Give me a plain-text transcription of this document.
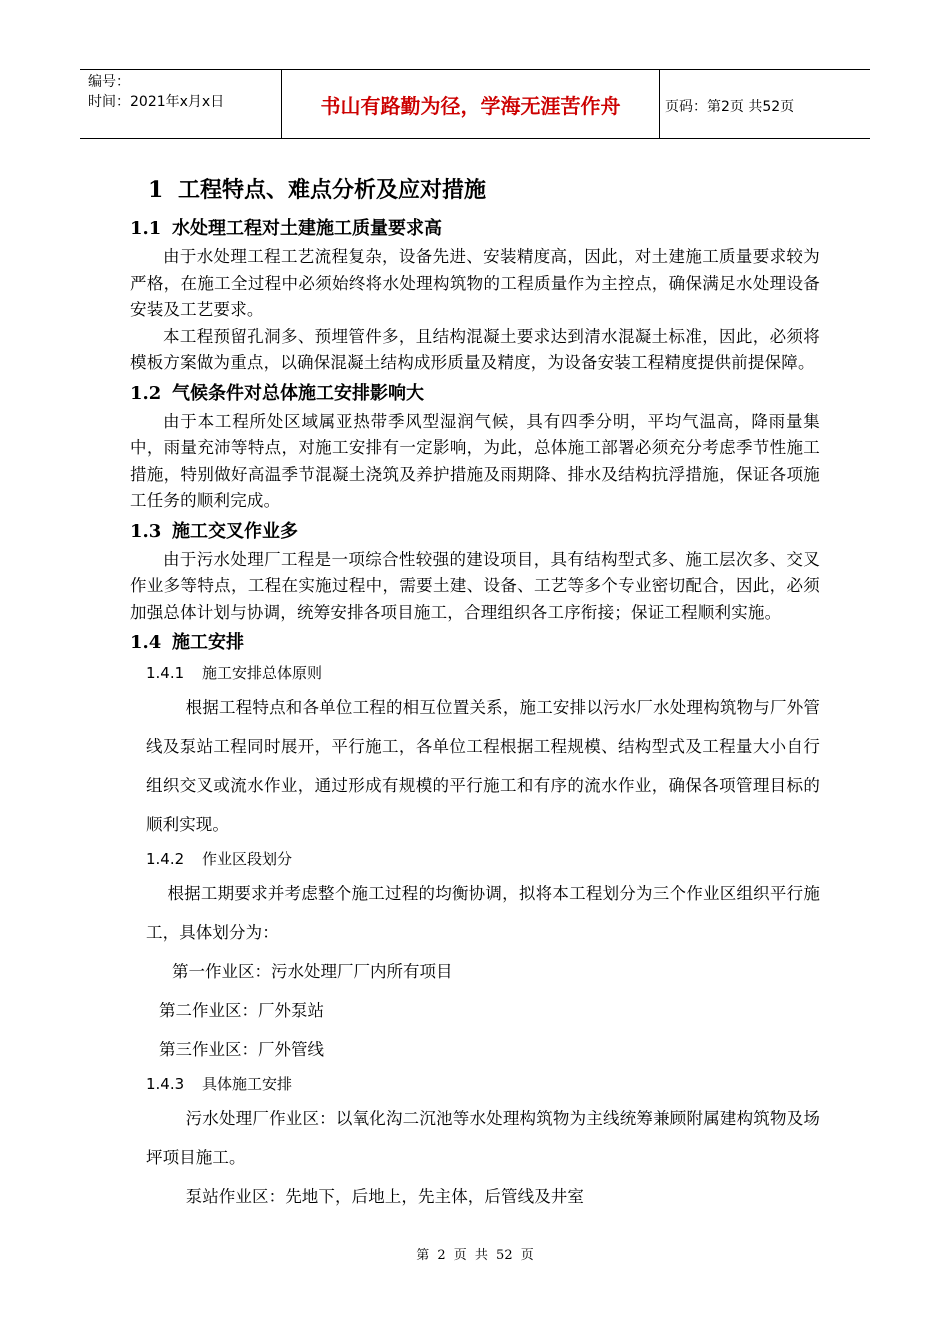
编号：
时间：2021年x月x日	书山有路勤为径，学海无涯苦作舟	页码：第2页 共52页
1 工程特点、难点分析及应对措施
1.1 水处理工程对土建施工质量要求高

由于水处理工程工艺流程复杂，设备先进、安装精度高，因此，对土建施工质量要求较为严格，在施工全过程中必须始终将水处理构筑物的工程质量作为主控点，确保满足水处理设备安装及工艺要求。

本工程预留孔洞多、预埋管件多，且结构混凝土要求达到清水混凝土标准，因此，必须将模板方案做为重点，以确保混凝土结构成形质量及精度，为设备安装工程精度提供前提保障。

1.2 气候条件对总体施工安排影响大

由于本工程所处区域属亚热带季风型湿润气候，具有四季分明，平均气温高，降雨量集中，雨量充沛等特点，对施工安排有一定影响，为此，总体施工部署必须充分考虑季节性施工措施，特别做好高温季节混凝土浇筑及养护措施及雨期降、排水及结构抗浮措施，保证各项施工任务的顺利完成。

1.3 施工交叉作业多

由于污水处理厂工程是一项综合性较强的建设项目，具有结构型式多、施工层次多、交叉作业多等特点，工程在实施过程中，需要土建、设备、工艺等多个专业密切配合，因此，必须加强总体计划与协调，统筹安排各项目施工，合理组织各工序衔接；保证工程顺利实施。

1.4 施工安排
1.4.1 施工安排总体原则

根据工程特点和各单位工程的相互位置关系，施工安排以污水厂水处理构筑物与厂外管线及泵站工程同时展开，平行施工，各单位工程根据工程规模、结构型式及工程量大小自行组织交叉或流水作业，通过形成有规模的平行施工和有序的流水作业，确保各项管理目标的顺利实现。

1.4.2 作业区段划分

根据工期要求并考虑整个施工过程的均衡协调，拟将本工程划分为三个作业区组织平行施工，具体划分为：

第一作业区：污水处理厂厂内所有项目

第二作业区：厂外泵站

第三作业区：厂外管线

1.4.3 具体施工安排

污水处理厂作业区：以氧化沟二沉池等水处理构筑物为主线统筹兼顾附属建构筑物及场坪项目施工。

泵站作业区：先地下，后地上，先主体，后管线及井室

第 2 页 共 52 页
